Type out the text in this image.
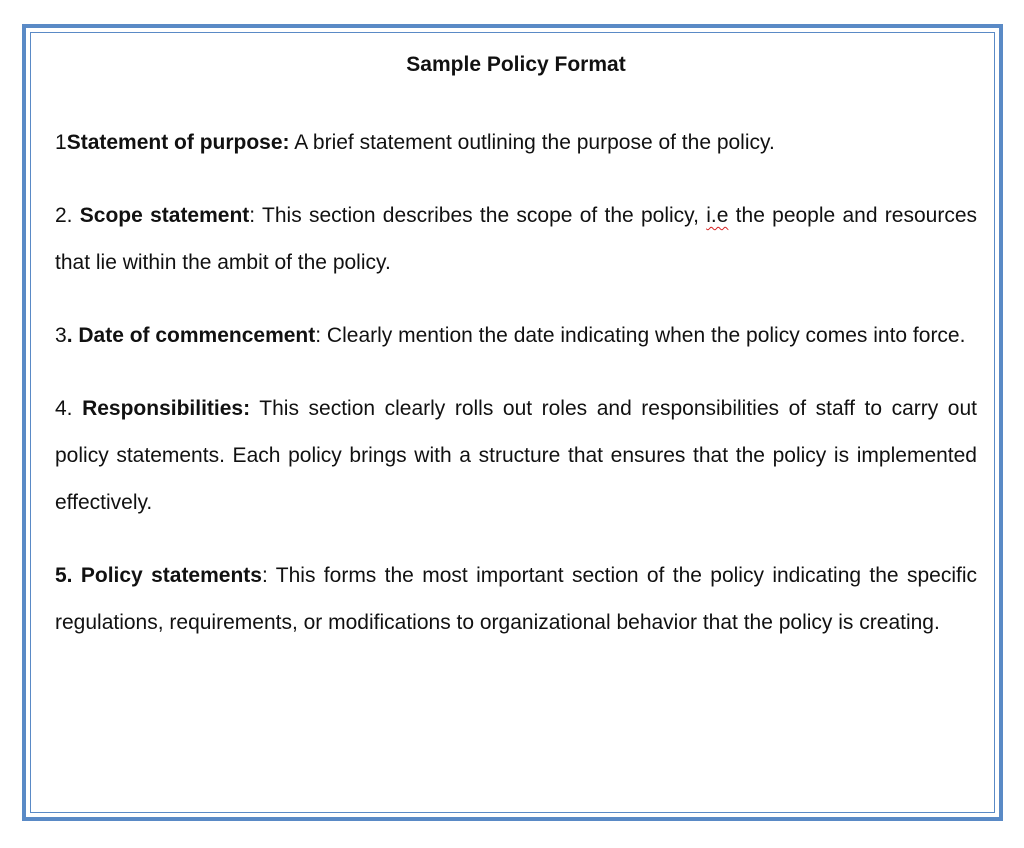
Sample Policy Format

1Statement of purpose: A brief statement outlining the purpose of the policy.

2. Scope statement: This section describes the scope of the policy, i.e the people and resources that lie within the ambit of the policy.

3. Date of commencement: Clearly mention the date indicating when the policy comes into force.

4. Responsibilities: This section clearly rolls out roles and responsibilities of staff to carry out policy statements. Each policy brings with a structure that ensures that the policy is implemented effectively.

5. Policy statements: This forms the most important section of the policy indicating the specific regulations, requirements, or modifications to organizational behavior that the policy is creating.
